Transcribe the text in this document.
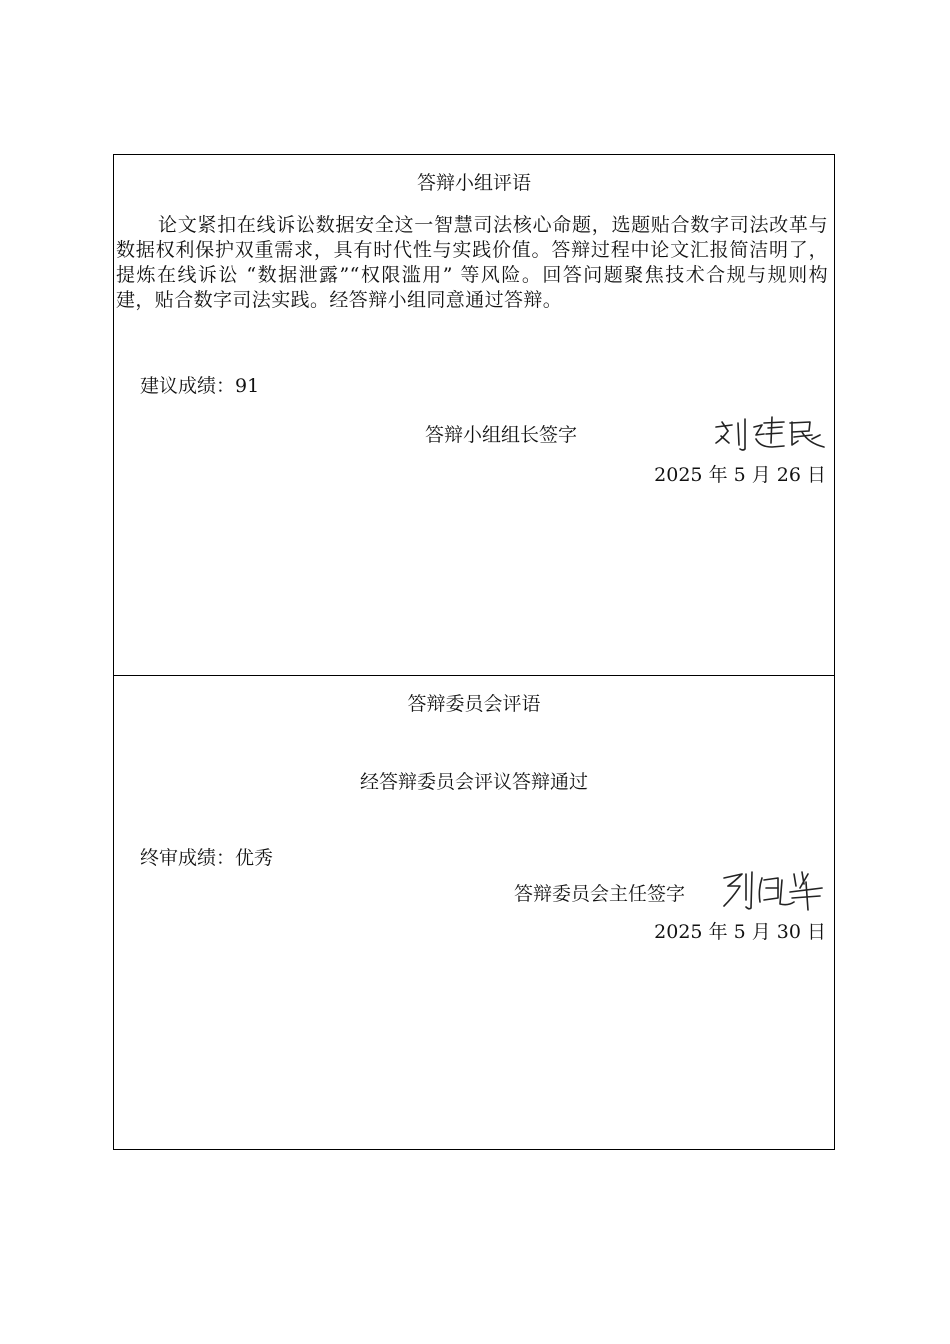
答辩小组评语

论文紧扣在线诉讼数据安全这一智慧司法核心命题，选题贴合数字司法改革与数据权利保护双重需求，具有时代性与实践价值。答辩过程中论文汇报简洁明了，提炼在线诉讼 “数据泄露”“权限滥用” 等风险。回答问题聚焦技术合规与规则构建，贴合数字司法实践。经答辩小组同意通过答辩。

建议成绩：91
答辩小组组长签字
2025 年 5 月 26 日
答辩委员会评语
经答辩委员会评议答辩通过
终审成绩：优秀
答辩委员会主任签字
2025 年 5 月 30 日
